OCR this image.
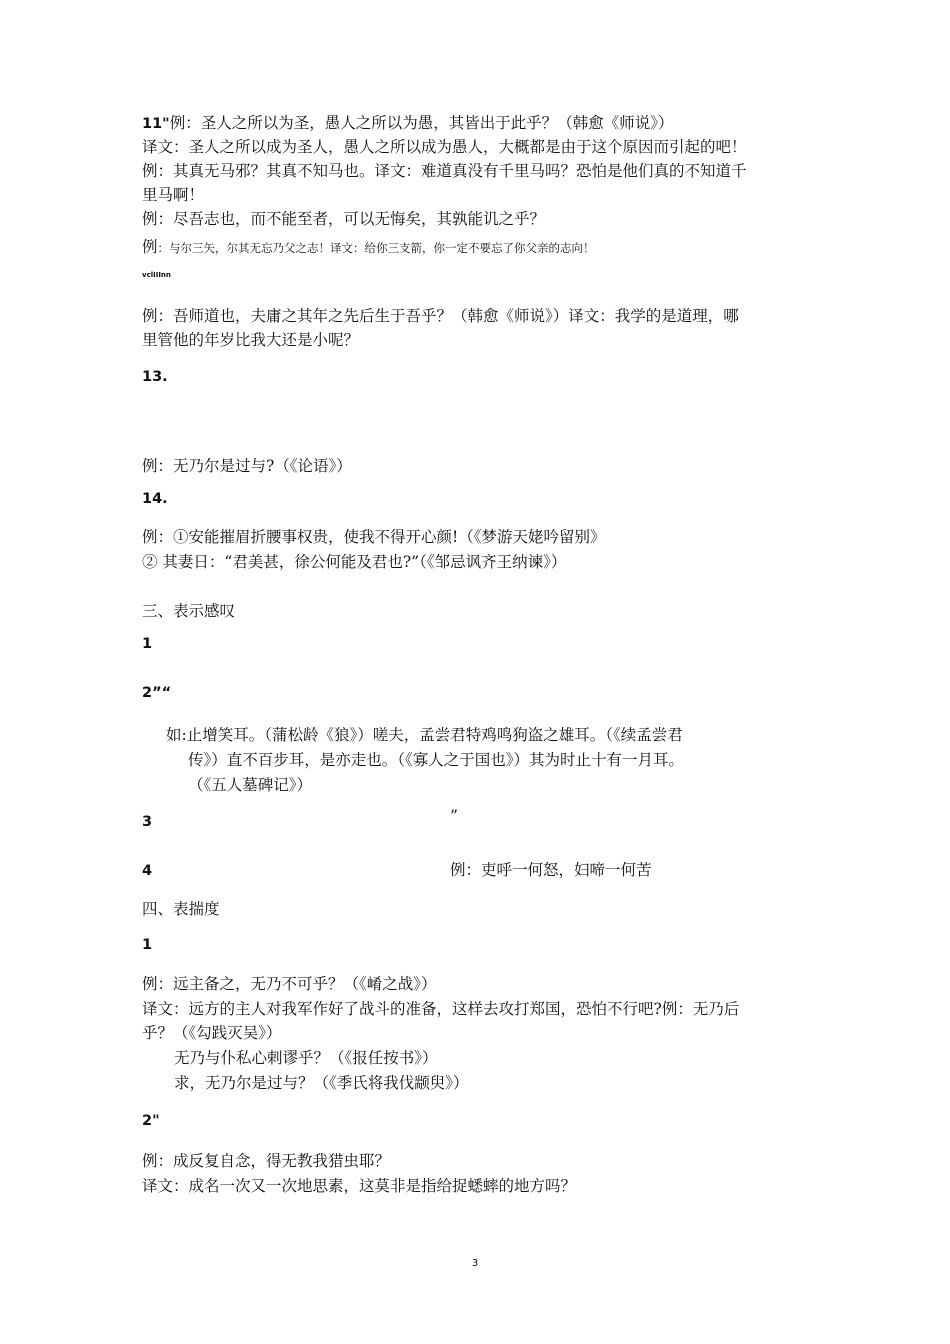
11"例：圣人之所以为圣，愚人之所以为愚，其皆出于此乎？（韩愈《师说》）
译文：圣人之所以成为圣人，愚人之所以成为愚人，大概都是由于这个原因而引起的吧！
例：其真无马邪？其真不知马也。译文：难道真没有千里马吗？恐怕是他们真的不知道千
里马啊！
例：尽吾志也，而不能至者，可以无悔矣，其孰能讥之乎？
例：与尔三矢，尔其无忘乃父之志！译文：给你三支箭，你一定不要忘了你父亲的志向！
vclIIInn
例：吾师道也，夫庸之其年之先后生于吾乎？（韩愈《师说》）译文：我学的是道理，哪
里管他的年岁比我大还是小呢？
13.
例：无乃尔是过与?（《论语》）
14.
例：①安能摧眉折腰事权贵，使我不得开心颜!（《梦游天姥吟留别》
② 其妻日：“君美甚，徐公何能及君也?”（《邹忌讽齐王纳谏》）
三、表示感叹
1
2”“
如:止增笑耳。（蒲松龄《狼》）嗟夫，孟尝君特鸡鸣狗盗之雄耳。（《续孟尝君
传》）直不百步耳，是亦走也。（《寡人之于国也》）其为时止十有一月耳。
（《五人墓碑记》）
3	”
4	例：吏呼一何怒，妇啼一何苦
四、表揣度
1
例：远主备之，无乃不可乎？（《崤之战》）
译文：远方的主人对我军作好了战斗的准备，这样去攻打郑国，恐怕不行吧?例：无乃后
乎？（《勾践灭吴》）
无乃与仆私心剌谬乎？（《报任按书》）
求，无乃尔是过与？（《季氏将我伐颛臾》）
2"
例：成反复自念，得无教我猎虫耶？
译文：成名一次又一次地思素，这莫非是指给捉蟋蟀的地方吗？
3
